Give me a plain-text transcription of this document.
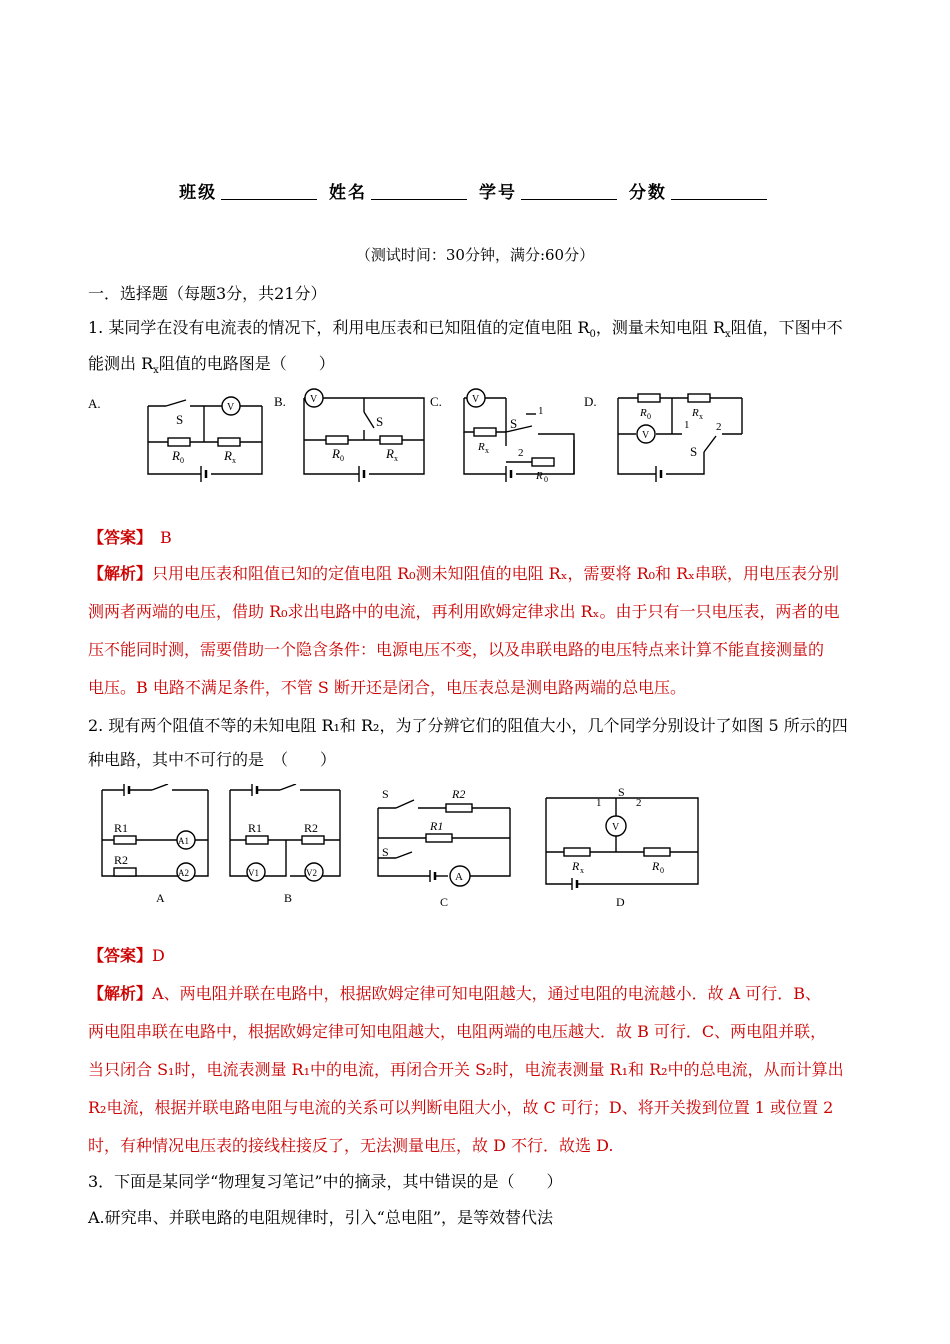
班级	姓名	学号	分数
（测试时间：30分钟，满分:60分）
一．选择题（每题3分，共21分）
1. 某同学在没有电流表的情况下，利用电压表和已知阻值的定值电阻 $R_0$，测量未知电阻 $R_x$阻值，下图中不
能测出 $R_x$阻值的电路图是（　　）
A.	B.	C.	D.
S
V
R 0	R x
V
S
R 0	R x
V
1
S
R x	2
R 0
R 0	R x
V
1 2
S
【答案】　 B
【解析】只用电压表和阻值已知的定值电阻 R₀测未知阻值的电阻 Rₓ，需要将 R₀和 Rₓ串联，用电压表分别
测两者两端的电压，借助 R₀求出电路中的电流，再利用欧姆定律求出 Rₓ。由于只有一只电压表，两者的电
压不能同时测，需要借助一个隐含条件：电源电压不变，以及串联电路的电压特点来计算不能直接测量的
电压。B 电路不满足条件，不管 S 断开还是闭合，电压表总是测电路两端的总电压。
2. 现有两个阻值不等的未知电阻 R₁和 R₂，为了分辨它们的阻值大小，几个同学分别设计了如图 5 所示的四
种电路，其中不可行的是　（　　）
R1
R2
A1
A2
R1	R2
V1	V2
S	R2
R1
S
A
1
S
2
V
R x	R 0
A	B	C	D
【答案】D
【解析】A、两电阻并联在电路中，根据欧姆定律可知电阻越大，通过电阻的电流越小．故 A 可行．B、
两电阻串联在电路中，根据欧姆定律可知电阻越大，电阻两端的电压越大．故 B 可行．C、两电阻并联，
当只闭合 S₁时，电流表测量 R₁中的电流，再闭合开关 S₂时，电流表测量 R₁和 R₂中的总电流，从而计算出
R₂电流，根据并联电路电阻与电流的关系可以判断电阻大小，故 C 可行；D、将开关拨到位置 1 或位置 2
时，有种情况电压表的接线柱接反了，无法测量电压，故 D 不行．故选 D.
3．下面是某同学“物理复习笔记”中的摘录，其中错误的是（　　）
A.研究串、并联电路的电阻规律时，引入“总电阻”，是等效替代法
